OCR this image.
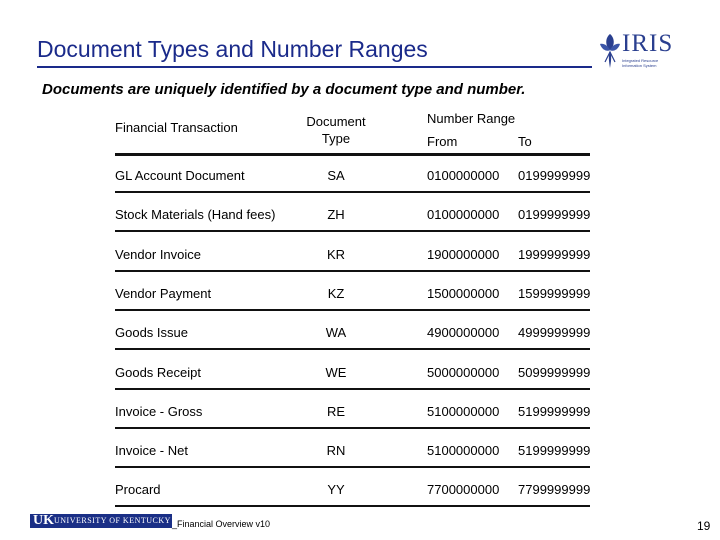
Document Types and Number Ranges	IRIS
Integrated Resource Information System
Documents are uniquely identified by a document type and number.
Financial Transaction	Document
Type
Number Range
From	To
GL Account Document	SA	0100000000 0199999999
Stock Materials (Hand fees)	ZH	0100000000 0199999999
Vendor Invoice	KR	1900000000 1999999999
Vendor Payment	KZ	1500000000 1599999999
Goods Issue	WA	4900000000 4999999999
Goods Receipt	WE	5000000000 5099999999
Invoice - Gross	RE	5100000000 5199999999
Invoice - Net	RN	5100000000 5199999999
Procard	YY	7700000000 7799999999
UK UNIVERSITY OF KENTUCKY _Financial Overview v10	19
